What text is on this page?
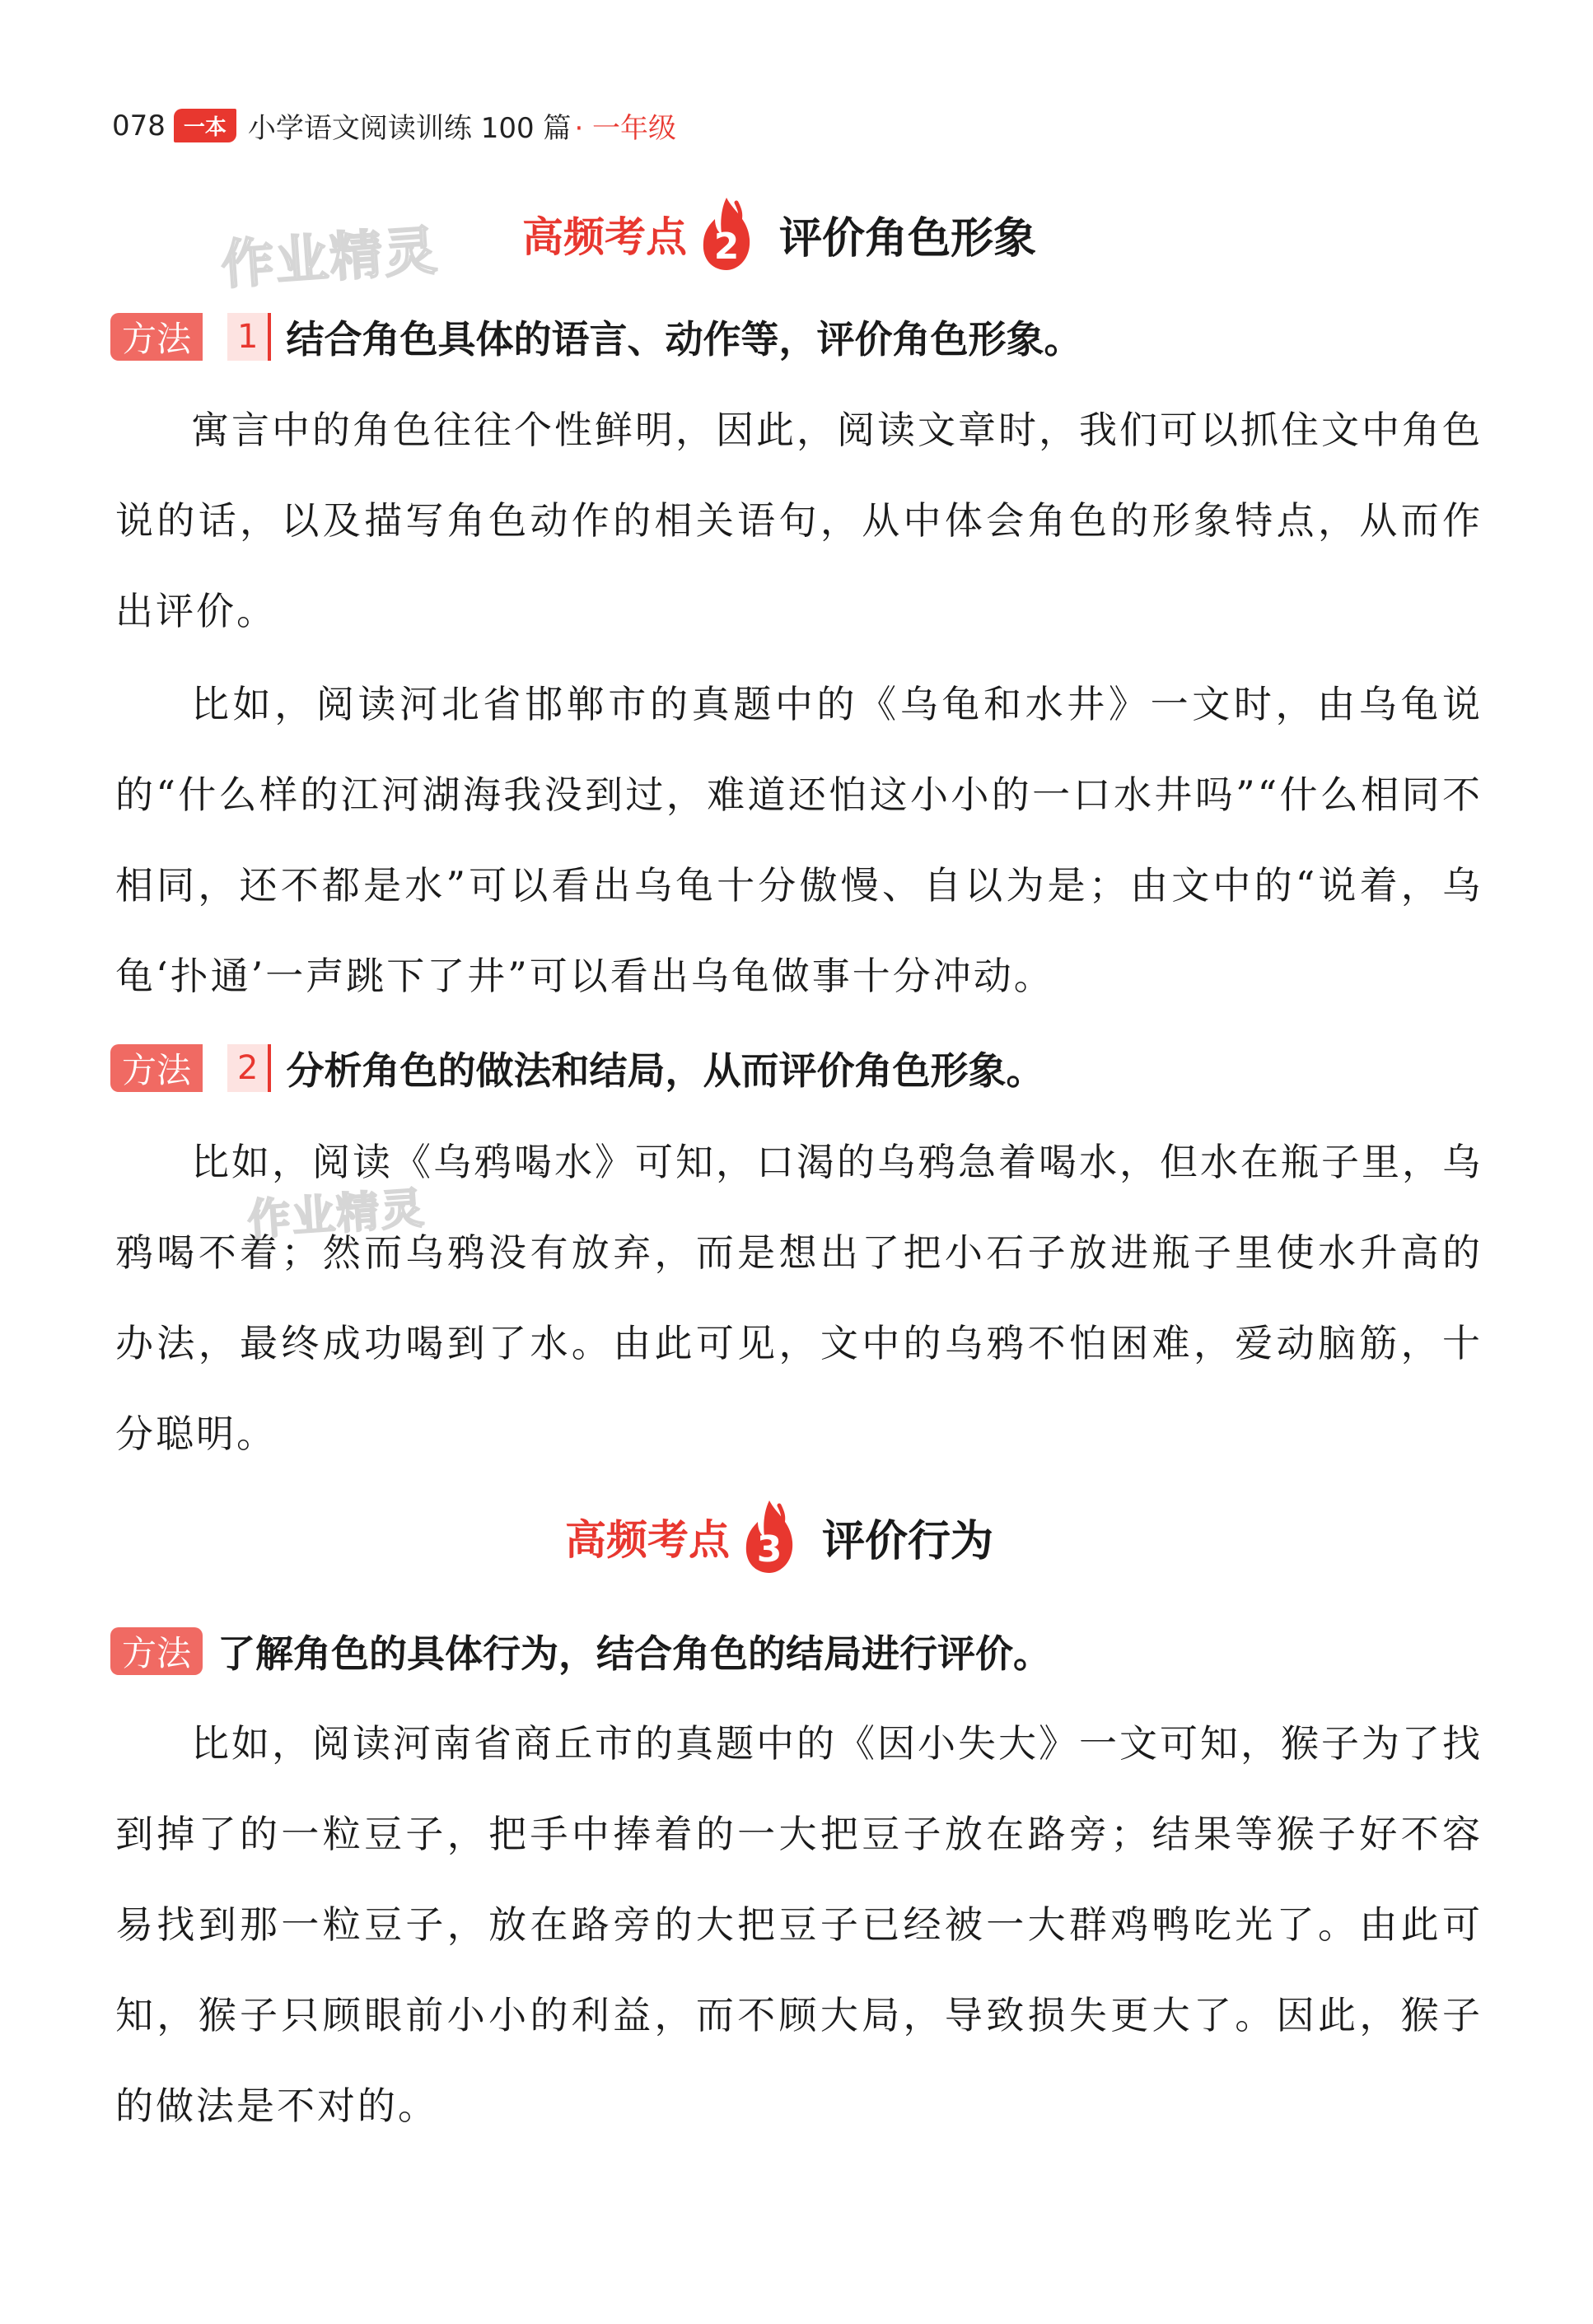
078 一本 小学语文阅读训练 100 篇 · 一年级
作业精灵
作业精灵
高频考点 2 评价角色形象
方法	1 结合角色具体的语言、动作等，评价角色形象。

寓言中的角色往往个性鲜明，因此，阅读文章时，我们可以抓住文中角色说的话，以及描写角色动作的相关语句，从中体会角色的形象特点，从而作出评价。

比如，阅读河北省邯郸市的真题中的《乌龟和水井》一文时，由乌龟说的“什么样的江河湖海我没到过，难道还怕这小小的一口水井吗”“什么相同不相同，还不都是水”可以看出乌龟十分傲慢、自以为是；由文中的“说着，乌龟‘扑通’一声跳下了井”可以看出乌龟做事十分冲动。

方法	2 分析角色的做法和结局，从而评价角色形象。

比如，阅读《乌鸦喝水》可知，口渴的乌鸦急着喝水，但水在瓶子里，乌鸦喝不着；然而乌鸦没有放弃，而是想出了把小石子放进瓶子里使水升高的办法，最终成功喝到了水。由此可见，文中的乌鸦不怕困难，爱动脑筋，十分聪明。

高频考点 3 评价行为
方法 了解角色的具体行为，结合角色的结局进行评价。

比如，阅读河南省商丘市的真题中的《因小失大》一文可知，猴子为了找到掉了的一粒豆子，把手中捧着的一大把豆子放在路旁；结果等猴子好不容易找到那一粒豆子，放在路旁的大把豆子已经被一大群鸡鸭吃光了。由此可知，猴子只顾眼前小小的利益，而不顾大局，导致损失更大了。因此，猴子的做法是不对的。
